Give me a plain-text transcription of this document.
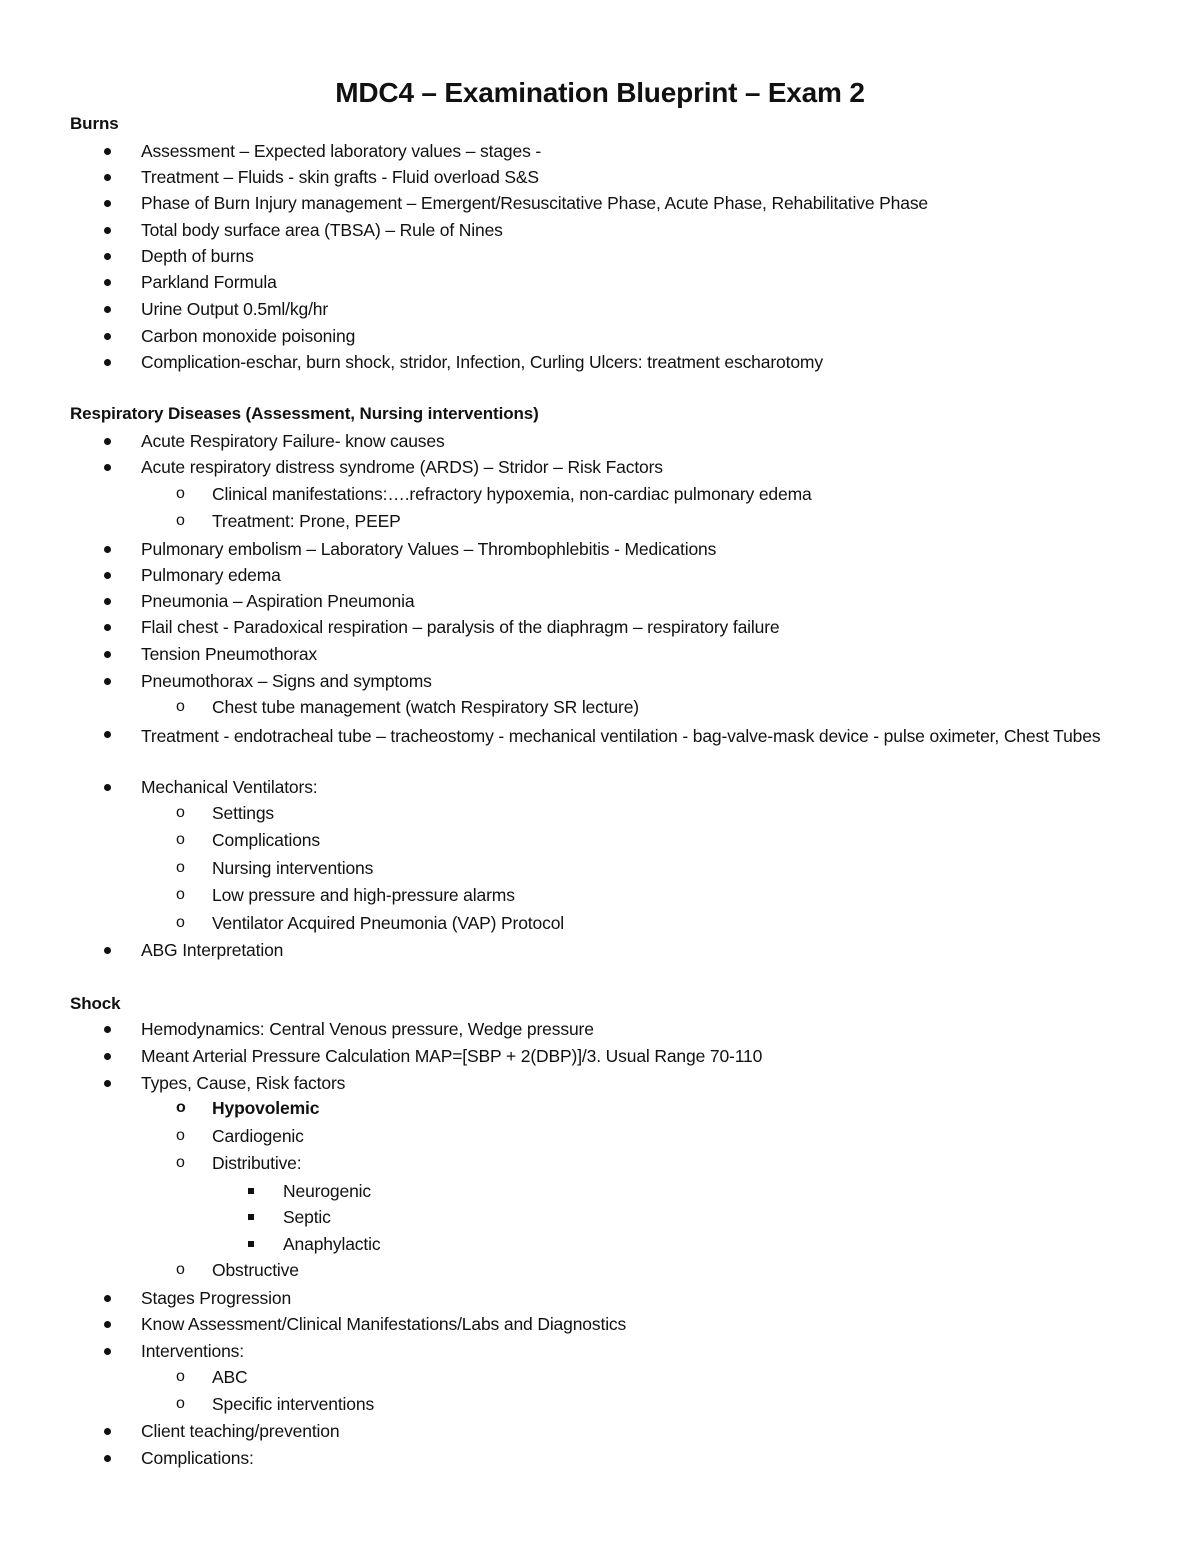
MDC4 – Examination Blueprint – Exam 2
Burns
Respiratory Diseases (Assessment, Nursing interventions)
Shock
Assessment – Expected laboratory values – stages -
Treatment – Fluids - skin grafts - Fluid overload S&S
Phase of Burn Injury management – Emergent/Resuscitative Phase, Acute Phase, Rehabilitative Phase
Total body surface area (TBSA) – Rule of Nines
Depth of burns
Parkland Formula
Urine Output 0.5ml/kg/hr
Carbon monoxide poisoning
Complication-eschar, burn shock, stridor, Infection, Curling Ulcers: treatment escharotomy
Acute Respiratory Failure- know causes
Acute respiratory distress syndrome (ARDS) – Stridor – Risk Factors
o Clinical manifestations:….refractory hypoxemia, non-cardiac pulmonary edema
o Treatment: Prone, PEEP
Pulmonary embolism – Laboratory Values – Thrombophlebitis - Medications
Pulmonary edema
Pneumonia – Aspiration Pneumonia
Flail chest - Paradoxical respiration – paralysis of the diaphragm – respiratory failure
Tension Pneumothorax
Pneumothorax – Signs and symptoms
o Chest tube management (watch Respiratory SR lecture)
Treatment - endotracheal tube – tracheostomy - mechanical ventilation - bag-valve-mask device - pulse oximeter, Chest Tubes
Mechanical Ventilators:
o Settings
o Complications
o Nursing interventions
o Low pressure and high-pressure alarms
o Ventilator Acquired Pneumonia (VAP) Protocol
ABG Interpretation
Hemodynamics: Central Venous pressure, Wedge pressure
Meant Arterial Pressure Calculation MAP=[SBP + 2(DBP)]/3. Usual Range 70-110
Types, Cause, Risk factors
o Hypovolemic
o Cardiogenic
o Distributive:
Neurogenic
Septic
Anaphylactic
o Obstructive
Stages Progression
Know Assessment/Clinical Manifestations/Labs and Diagnostics
Interventions:
o ABC
o Specific interventions
Client teaching/prevention
Complications:
